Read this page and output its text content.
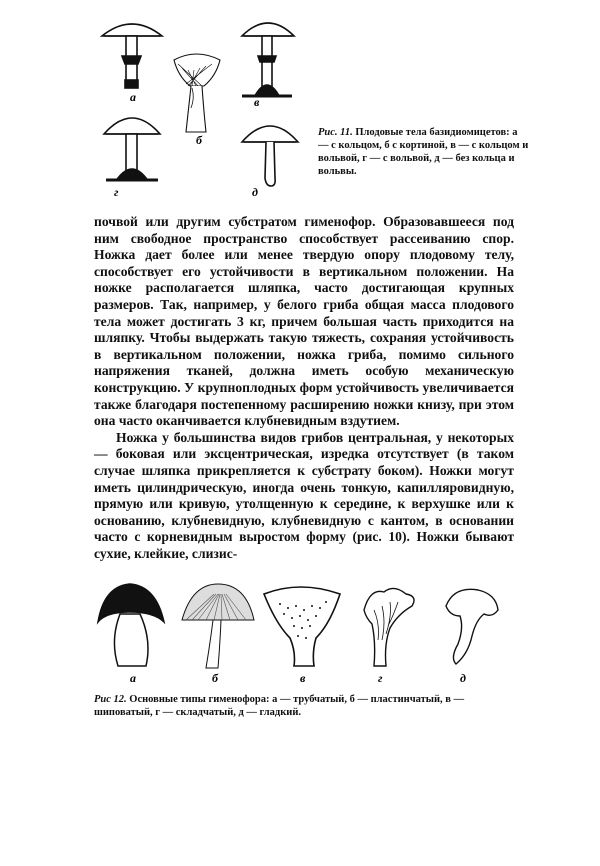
а
б
в
г	д
Рис. 11. Плодовые тела базидиомицетов: а — с кольцом, б с кортиной, в — с кольцом и вольвой, г — с вольвой, д — без кольца и вольвы.

почвой или другим субстратом гименофор. Образовавшееся под ним свободное пространство способствует рассеиванию спор. Ножка дает более или менее твердую опору плодовому телу, способствует его устойчивости в вертикальном положении. На ножке располагается шляпка, часто достигающая крупных размеров. Так, например, у белого гриба общая масса плодового тела может достигать 3 кг, причем большая часть приходится на шляпку. Чтобы выдержать такую тяжесть, сохраняя устойчивость в вертикальном положении, ножка гриба, помимо сильного напряжения тканей, должна иметь особую механическую конструкцию. У крупноплодных форм устойчивость увеличивается также благодаря постепенному расширению ножки книзу, при этом она часто оканчивается клубневидным вздутием.

Ножка у большинства видов грибов центральная, у некоторых — боковая или эксцентрическая, изредка отсутствует (в таком случае шляпка прикрепляется к субстрату боком). Ножки могут иметь цилиндрическую, иногда очень тонкую, капилляровидную, прямую или кривую, утолщенную к середине, к верхушке или к основанию, клубневидную, клубневидную с кантом, в основании часто с корневидным выростом форму (рис. 10). Ножки бывают сухие, клейкие, слизис-

а	б	в	г	д
Рис 12. Основные типы гименофора: а — трубчатый, б — пластинчатый, в — шиповатый, г — складчатый, д — гладкий.
